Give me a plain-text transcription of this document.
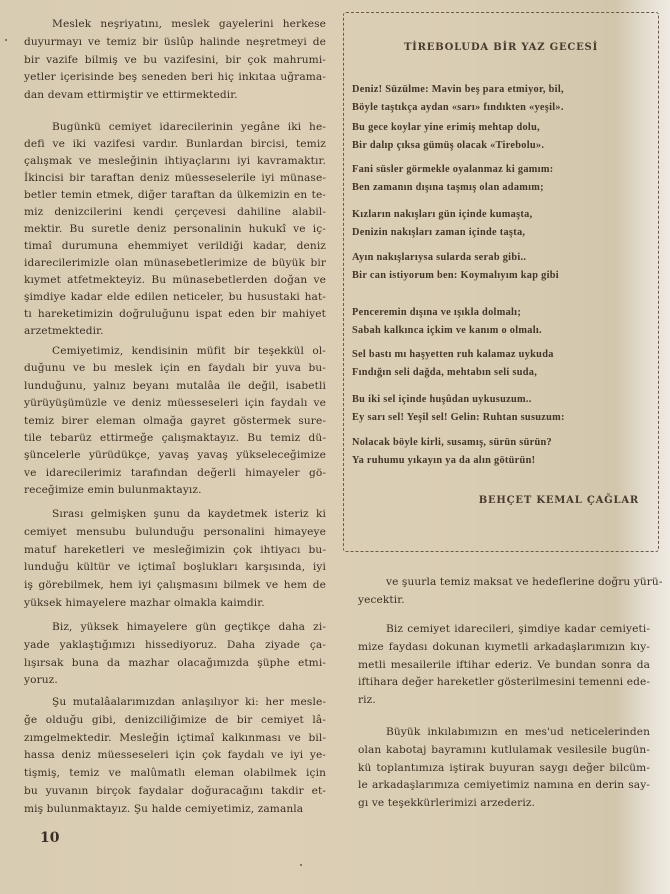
Meslek neşriyatını, meslek gayelerini herkese
duyurmayı ve temiz bir üslûp halinde neşretmeyi de
bir vazife bilmiş ve bu vazifesini, bir çok mahrumi-
yetler içerisinde beş seneden beri hiç inkıtaa uğrama-
dan devam ettirmiştir ve ettirmektedir.
Bugünkü cemiyet idarecilerinin yegâne iki he-
defi ve iki vazifesi vardır. Bunlardan bircisi, temiz
çalışmak ve mesleğinin ihtiyaçlarını iyi kavramaktır.
İkincisi bir taraftan deniz müesseselerile iyi münase-
betler temin etmek, diğer taraftan da ülkemizin en te-
miz denizcilerini kendi çerçevesi dahiline alabil-
mektir. Bu suretle deniz personalinin hukukî ve iç-
timaî durumuna ehemmiyet verildiği kadar, deniz
idarecilerimizle olan münasebetlerimize de büyük bir
kıymet atfetmekteyiz. Bu münasebetlerden doğan ve
şimdiye kadar elde edilen neticeler, bu husustaki hat-
tı hareketimizin doğruluğunu ispat eden bir mahiyet
arzetmektedir.
Cemiyetimiz, kendisinin müfit bir teşekkül ol-
duğunu ve bu meslek için en faydalı bir yuva bu-
lunduğunu, yalnız beyanı mutalâa ile değil, isabetli
yürüyüşümüzle ve deniz müesseseleri için faydalı ve
temiz birer eleman olmağa gayret göstermek sure-
tile tebarüz ettirmeğe çalışmaktayız. Bu temiz dü-
şüncelerle yürüdükçe, yavaş yavaş yükseleceğimize
ve idarecilerimiz tarafından değerli himayeler gö-
receğimize emin bulunmaktayız.
Sırası gelmişken şunu da kaydetmek isteriz ki
cemiyet mensubu bulunduğu personalini himayeye
matuf hareketleri ve mesleğimizin çok ihtiyacı bu-
lunduğu kültür ve içtimaî boşlukları karşısında, iyi
iş görebilmek, hem iyi çalışmasını bilmek ve hem de
yüksek himayelere mazhar olmakla kaimdir.
Biz, yüksek himayelere gün geçtikçe daha zi-
yade yaklaştığımızı hissediyoruz. Daha ziyade ça-
lışırsak buna da mazhar olacağımızda şüphe etmi-
yoruz.
Şu mutalâalarımızdan anlaşılıyor ki: her mesle-
ğe olduğu gibi, denizciliğimize de bir cemiyet lâ-
zımgelmektedir. Mesleğin içtimaî kalkınması ve bil-
hassa deniz müesseseleri için çok faydalı ve iyi ye-
tişmiş, temiz ve malûmatlı eleman olabilmek için
bu yuvanın birçok faydalar doğuracağını takdir et-
miş bulunmaktayız. Şu halde cemiyetimiz, zamanla
TİREBOLUDA BİR YAZ GECESİ
Deniz! Süzülme: Mavin beş para etmiyor, bil,
Böyle taştıkça aydan «sarı» fındıkten «yeşil».
Bu gece koylar yine erimiş mehtap dolu,
Bir dalıp çıksa gümüş olacak «Tirebolu».
Fani süsler görmekle oyalanmaz ki gamım:
Ben zamanın dışına taşmış olan adamım;
Kızların nakışları gün içinde kumaşta,
Denizin nakışları zaman içinde taşta,
Ayın nakışlarıysa sularda serab gibi..
Bir can istiyorum ben: Koymalıyım kap gibi
Penceremin dışına ve ışıkla dolmalı;
Sabah kalkınca içkim ve kanım o olmalı.
Sel bastı mı haşyetten ruh kalamaz uykuda
Fındığın seli dağda, mehtabın seli suda,
Bu iki sel içinde huşûdan uykusuzum..
Ey sarı sel! Yeşil sel! Gelin: Ruhtan susuzum:
Nolacak böyle kirli, susamış, sürün sürün?
Ya ruhumu yıkayın ya da alın götürün!
BEHÇET KEMAL ÇAĞLAR
ve şuurla temiz maksat ve hedeflerine doğru yürü-
yecektir.
Biz cemiyet idarecileri, şimdiye kadar cemiyeti-
mize faydası dokunan kıymetli arkadaşlarımızın kıy-
metli mesailerile iftihar ederiz. Ve bundan sonra da
iftihara değer hareketler gösterilmesini temenni ede-
riz.
Büyük inkılabımızın en mes'ud neticelerinden
olan kabotaj bayramını kutlulamak vesilesile bugün-
kü toplantımıza iştirak buyuran saygı değer bilcüm-
le arkadaşlarımıza cemiyetimiz namına en derin say-
gı ve teşekkürlerimizi arzederiz.
10
